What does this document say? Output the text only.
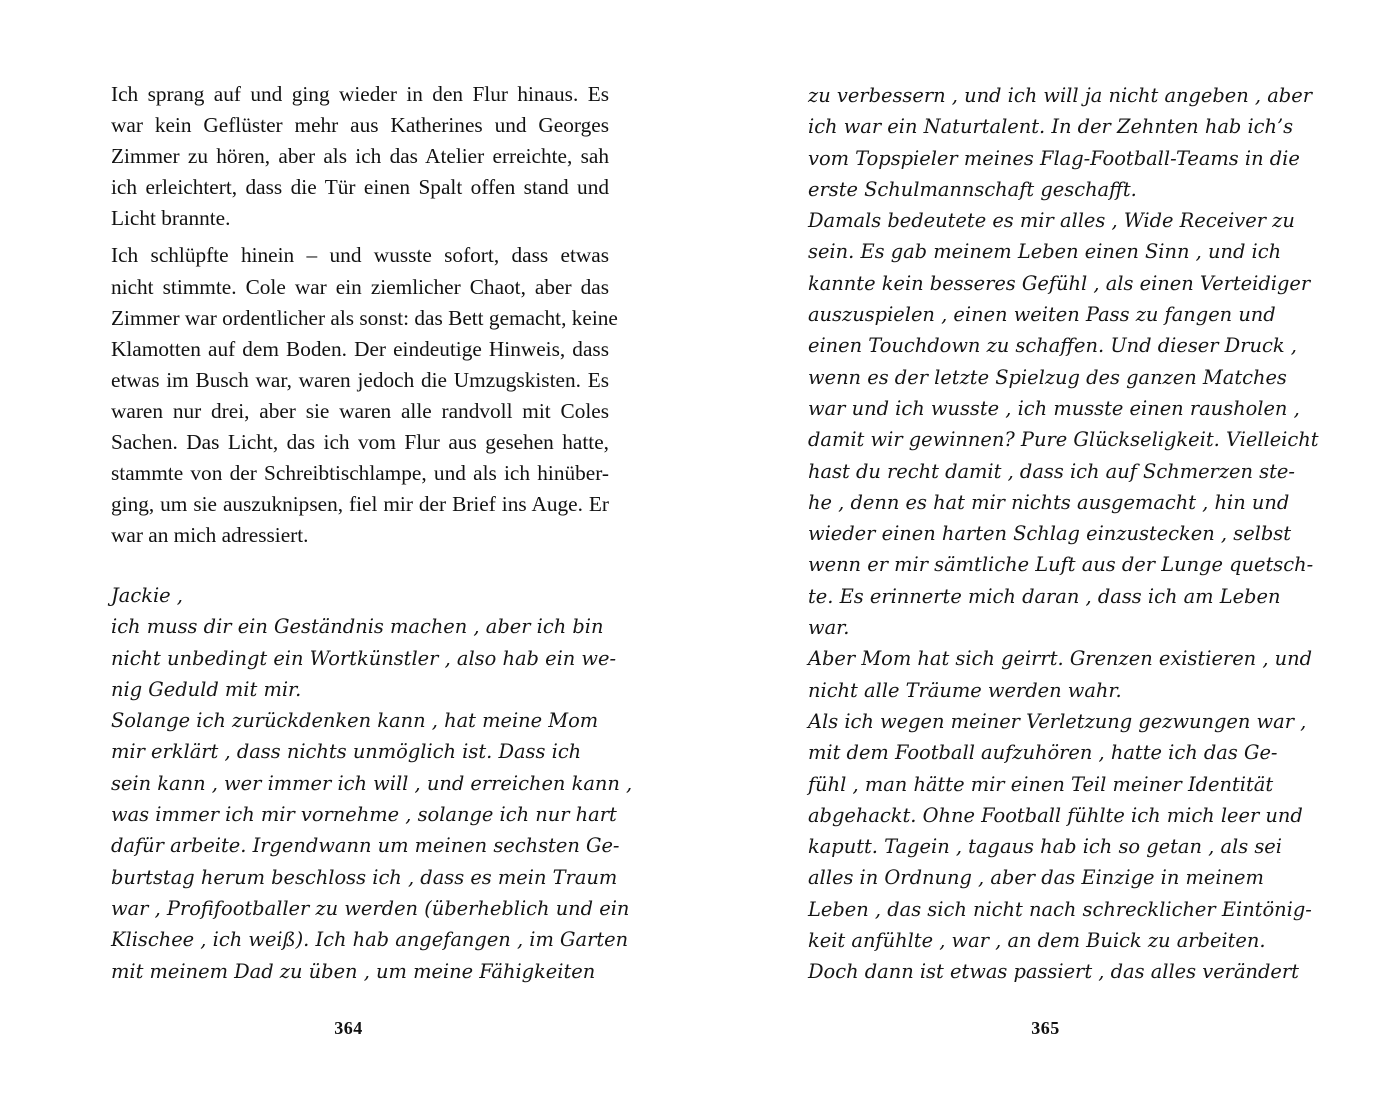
Ich sprang auf und ging wieder in den Flur hinaus. Es
war kein Geflüster mehr aus Katherines und Georges
Zimmer zu hören, aber als ich das Atelier erreichte, sah
ich erleichtert, dass die Tür einen Spalt offen stand und
Licht brannte.

Ich schlüpfte hinein – und wusste sofort, dass etwas
nicht stimmte. Cole war ein ziemlicher Chaot, aber das
Zimmer war ordentlicher als sonst: das Bett gemacht, keine
Klamotten auf dem Boden. Der eindeutige Hinweis, dass
etwas im Busch war, waren jedoch die Umzugskisten. Es
waren nur drei, aber sie waren alle randvoll mit Coles
Sachen. Das Licht, das ich vom Flur aus gesehen hatte,
stammte von der Schreibtischlampe, und als ich hinüber-
ging, um sie auszuknipsen, fiel mir der Brief ins Auge. Er
war an mich adressiert.

Jackie ,
ich muss dir ein Geständnis machen , aber ich bin
nicht unbedingt ein Wortkünstler , also hab ein we-
nig Geduld mit mir.
Solange ich zurückdenken kann , hat meine Mom
mir erklärt , dass nichts unmöglich ist. Dass ich
sein kann , wer immer ich will , und erreichen kann ,
was immer ich mir vornehme , solange ich nur hart
dafür arbeite. Irgendwann um meinen sechsten Ge-
burtstag herum beschloss ich , dass es mein Traum
war , Profifootballer zu werden (überheblich und ein
Klischee , ich weiß). Ich hab angefangen , im Garten
mit meinem Dad zu üben , um meine Fähigkeiten
364
zu verbessern , und ich will ja nicht angeben , aber
ich war ein Naturtalent. In der Zehnten hab ich’s
vom Topspieler meines Flag-Football-Teams in die
erste Schulmannschaft geschafft.
Damals bedeutete es mir alles , Wide Receiver zu
sein. Es gab meinem Leben einen Sinn , und ich
kannte kein besseres Gefühl , als einen Verteidiger
auszuspielen , einen weiten Pass zu fangen und
einen Touchdown zu schaffen. Und dieser Druck ,
wenn es der letzte Spielzug des ganzen Matches
war und ich wusste , ich musste einen rausholen ,
damit wir gewinnen? Pure Glückseligkeit. Vielleicht
hast du recht damit , dass ich auf Schmerzen ste-
he , denn es hat mir nichts ausgemacht , hin und
wieder einen harten Schlag einzustecken , selbst
wenn er mir sämtliche Luft aus der Lunge quetsch-
te. Es erinnerte mich daran , dass ich am Leben
war.
Aber Mom hat sich geirrt. Grenzen existieren , und
nicht alle Träume werden wahr.
Als ich wegen meiner Verletzung gezwungen war ,
mit dem Football aufzuhören , hatte ich das Ge-
fühl , man hätte mir einen Teil meiner Identität
abgehackt. Ohne Football fühlte ich mich leer und
kaputt. Tagein , tagaus hab ich so getan , als sei
alles in Ordnung , aber das Einzige in meinem
Leben , das sich nicht nach schrecklicher Eintönig-
keit anfühlte , war , an dem Buick zu arbeiten.
Doch dann ist etwas passiert , das alles verändert
365
